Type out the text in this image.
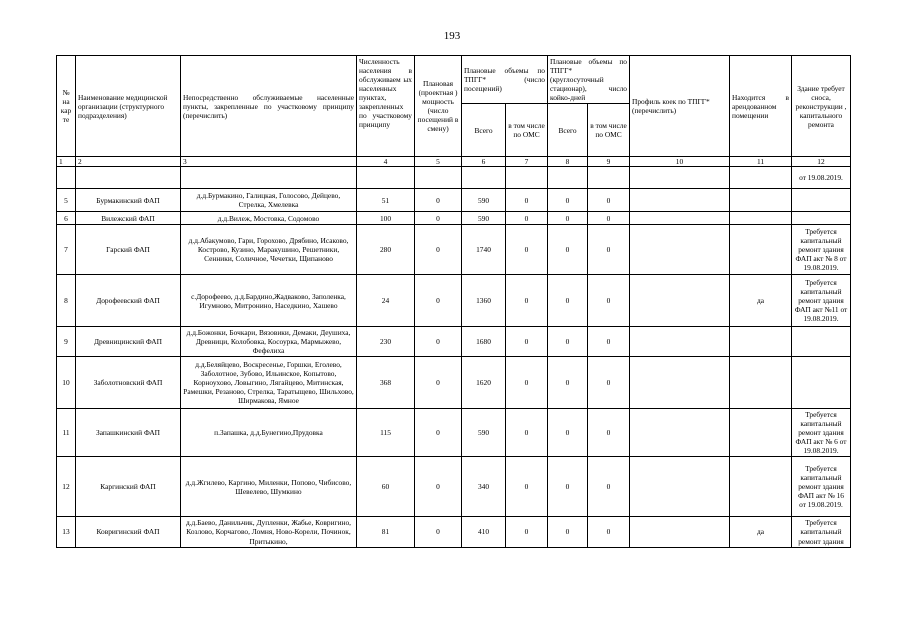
193
№ на кар те	Наименование медицинской организации (структурного подразделения)	Непосредственно обслуживаемые населенные пункты, закрепленные по участковому принципу (перечислить)	Численность населения в обслуживаем ых населенных пунктах, закрепленных по участковому принципу	Плановая (проектная ) мощность (число посещений в смену)	Плановые объемы по ТПГГ* (число посещений)		Плановые объемы по ТПГГ* (круглосуточный стационар), число койко-дней		Профиль коек по ТПГГ* (перечислить)	Находится в арендованном помещении	Здание требует сноса, реконструкции , капитального ремонта
					Всего	в том числе по ОМС	Всего	в том числе по ОМС			
1	2	3	4	5	6	7	8	9	10	11	12
											от 19.08.2019.
5	Бурмакинский ФАП	д.д.Бурмакино, Галицкая, Голосово, Дейцево, Стрелка, Хмелевка	51	0	590	0	0	0			
6	Вилежский ФАП	д.д.Вилеж, Мостовка, Содомово	100	0	590	0	0	0			
7	Гарский ФАП	д.д.Абакумово, Гари, Горохово, Дрябино, Исаково, Кострово, Кузино, Маракушино, Решетники, Сенники, Соличное, Чечетки, Щипаново	280	0	1740	0	0	0			Требуется капитальный ремонт здания ФАП акт № 8 от 19.08.2019.
8	Дорофеевский ФАП	с.Дорофеево, д.д.Бардино,Жадваково, Заполенка, Игумново, Митронино, Наседкино, Хашево	24	0	1360	0	0	0		да	Требуется капитальный ремонт здания ФАП акт №11 от 19.08.2019.
9	Древницинский ФАП	д.д.Божонки, Бочкари, Вязовики, Демаки, Деушиха, Древници, Колобовка, Косоурка, Мармыжево, Фефелиха	230	0	1680	0	0	0			
10	Заболотновский ФАП	д.д.Беляйцево, Воскресенье, Горшки, Еголево, Заболотное, Зубово, Ильинское, Копытово, Корноухово, Ловыгино, Лягайцево, Митинская, Рамешки, Резаново, Стрелка, Таратыщево, Шильхово, Ширмакова, Ямное	368	0	1620	0	0	0			
11	Запашкинский ФАП	п.Запашка, д.д.Бунегино,Прудовка	115	0	590	0	0	0			Требуется капитальный ремонт здания ФАП акт № 6 от 19.08.2019.
12	Каргинский ФАП	д.д.Жгилево, Каргино, Миленки, Попово, Чибисово, Шевелево, Шумкино	60	0	340	0	0	0			Требуется капитальный ремонт здания ФАП акт № 16 от 19.08.2019.
13	Ковригинский ФАП	д.д.Баево, Данильчик, Дупленки, Жабье, Ковригино, Козлово, Корчагово, Ломня, Ново-Корели, Починок, Притыкино,	81	0	410	0	0	0		да	Требуется капитальный ремонт здания
